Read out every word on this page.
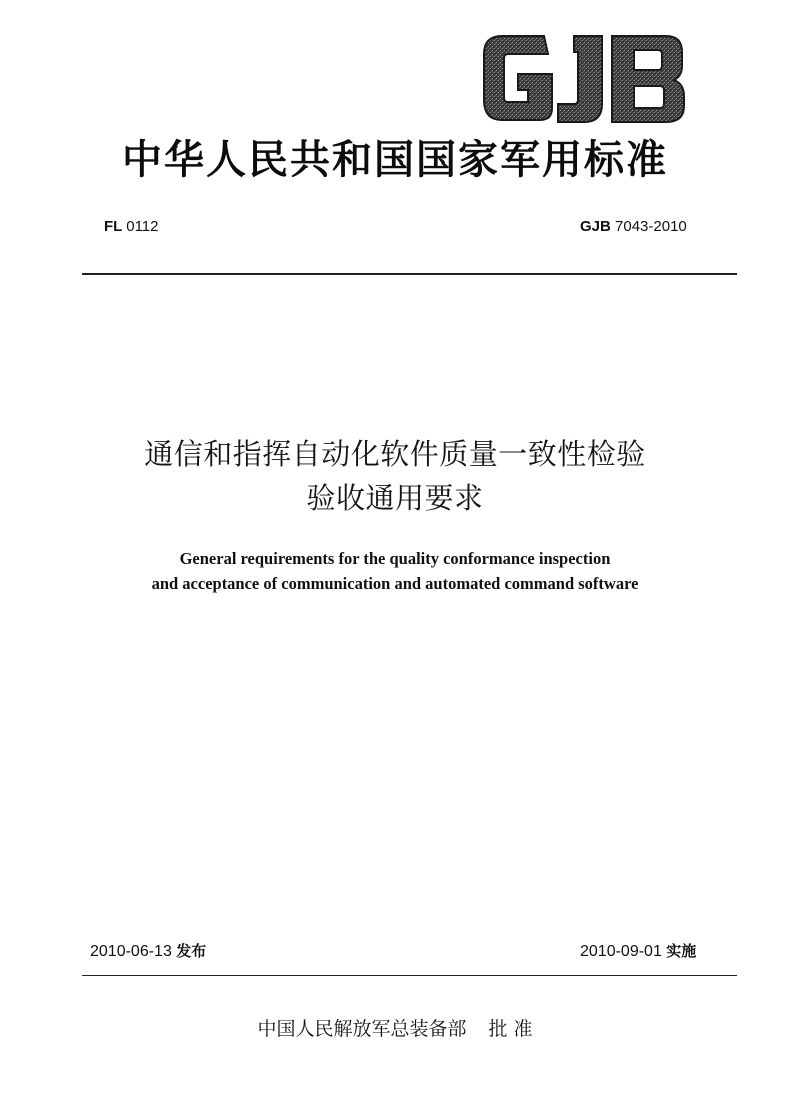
中华人民共和国国家军用标准
FL 0112	GJB 7043-2010
通信和指挥自动化软件质量一致性检验
验收通用要求
General requirements for the quality conformance inspection
and acceptance of communication and automated command software
2010-06-13 发布	2010-09-01 实施
中国人民解放军总装备部 批 准
